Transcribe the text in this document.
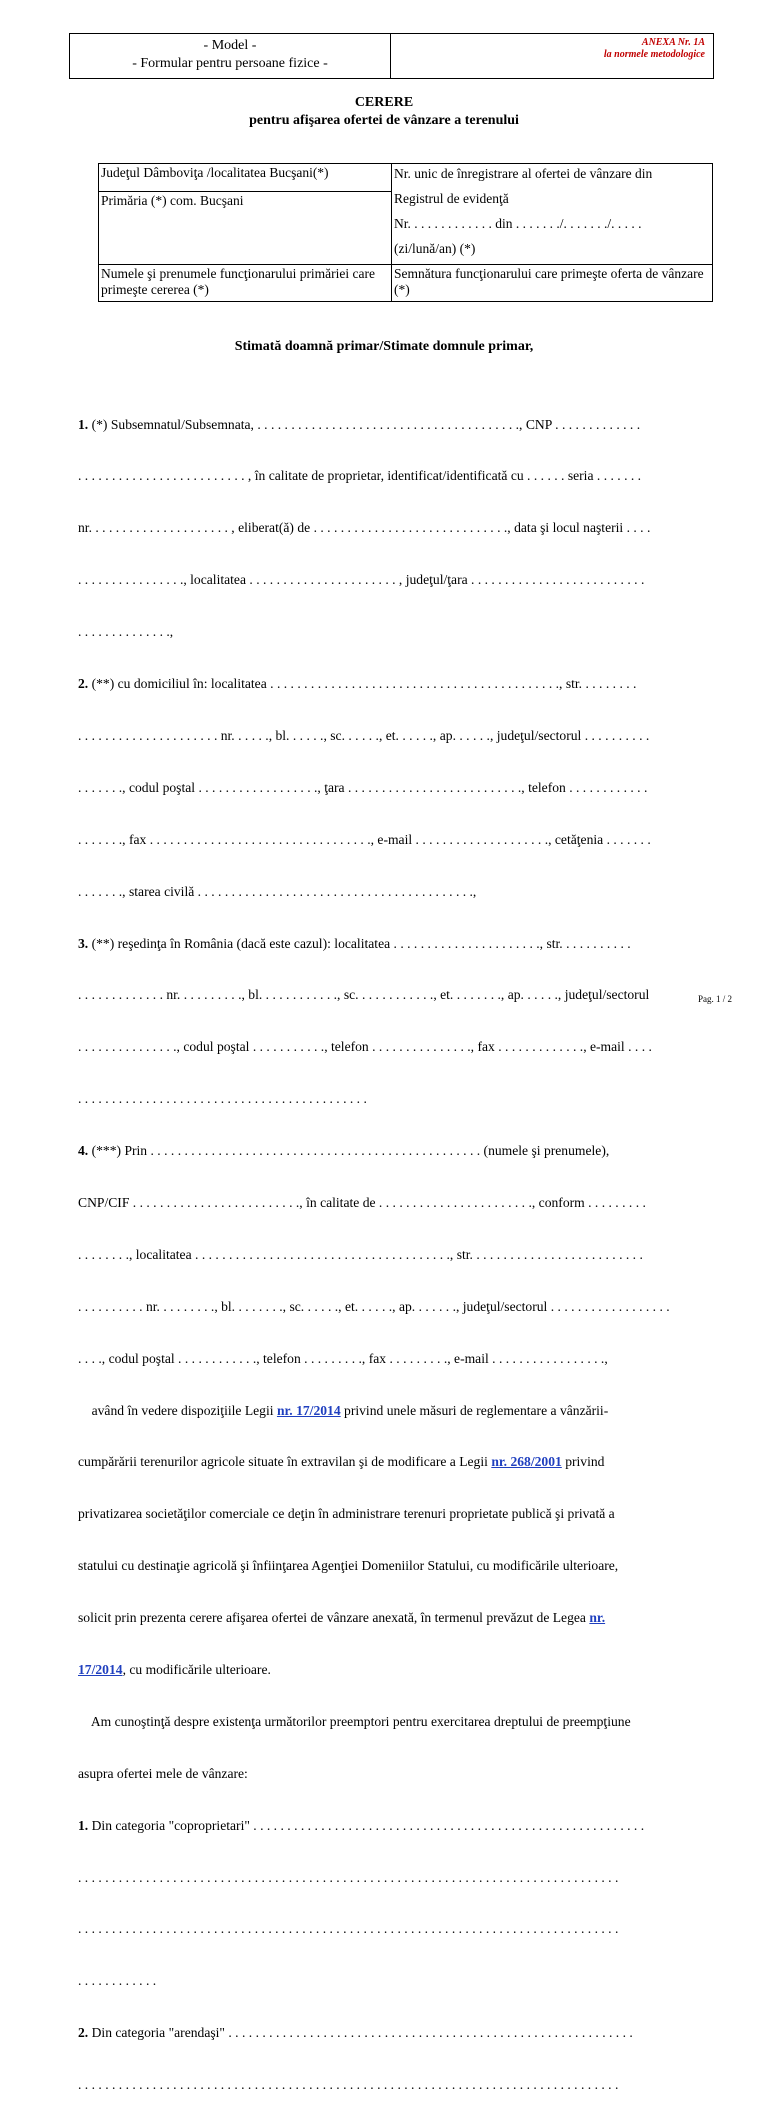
- Model -
- Formular pentru persoane fizice -
ANEXA Nr. 1A
la normele metodologice
CERERE
pentru afişarea ofertei de vânzare a terenului
Judeţul Dâmboviţa /localitatea Bucşani(*)
Primăria (*) com. Bucşani
Numele şi prenumele funcţionarului primăriei care primeşte cererea (*)

Nr. unic de înregistrare al ofertei de vânzare din

Registrul de evidenţă

Nr. . . . . . . . . . . . . din . . . . . . ./. . . . . . ./. . . . .

(zi/lună/an) (*)

Semnătura funcţionarului care primeşte oferta de vânzare (*)
Stimată doamnă primar/Stimate domnule primar,

1. (*) Subsemnatul/Subsemnata, . . . . . . . . . . . . . . . . . . . . . . . . . . . . . . . . . . . . . . ., CNP . . . . . . . . . . . . .

. . . . . . . . . . . . . . . . . . . . . . . . . , în calitate de proprietar, identificat/identificată cu . . . . . . seria . . . . . . .

nr. . . . . . . . . . . . . . . . . . . . . , eliberat(ă) de . . . . . . . . . . . . . . . . . . . . . . . . . . . . ., data şi locul naşterii . . . .

. . . . . . . . . . . . . . . ., localitatea . . . . . . . . . . . . . . . . . . . . . . , judeţul/ţara . . . . . . . . . . . . . . . . . . . . . . . . . .

. . . . . . . . . . . . . .,

2. (**) cu domiciliul în: localitatea . . . . . . . . . . . . . . . . . . . . . . . . . . . . . . . . . . . . . . . . . . ., str. . . . . . . . .

. . . . . . . . . . . . . . . . . . . . . nr. . . . . ., bl. . . . . ., sc. . . . . ., et. . . . . ., ap. . . . . ., judeţul/sectorul . . . . . . . . . .

. . . . . . ., codul poştal . . . . . . . . . . . . . . . . . ., ţara . . . . . . . . . . . . . . . . . . . . . . . . . ., telefon . . . . . . . . . . . .

. . . . . . ., fax . . . . . . . . . . . . . . . . . . . . . . . . . . . . . . . . ., e-mail . . . . . . . . . . . . . . . . . . . ., cetăţenia . . . . . . .

. . . . . . ., starea civilă . . . . . . . . . . . . . . . . . . . . . . . . . . . . . . . . . . . . . . . . .,

3. (**) reşedinţa în România (dacă este cazul): localitatea . . . . . . . . . . . . . . . . . . . . . ., str. . . . . . . . . . .

. . . . . . . . . . . . . nr. . . . . . . . . ., bl. . . . . . . . . . . ., sc. . . . . . . . . . . ., et. . . . . . . ., ap. . . . . ., judeţul/sectorul

. . . . . . . . . . . . . . ., codul poştal . . . . . . . . . . ., telefon . . . . . . . . . . . . . . ., fax . . . . . . . . . . . . ., e-mail . . . .

. . . . . . . . . . . . . . . . . . . . . . . . . . . . . . . . . . . . . . . . . . .

4. (***) Prin . . . . . . . . . . . . . . . . . . . . . . . . . . . . . . . . . . . . . . . . . . . . . . . . . (numele şi prenumele),

CNP/CIF . . . . . . . . . . . . . . . . . . . . . . . . ., în calitate de . . . . . . . . . . . . . . . . . . . . . . ., conform . . . . . . . . .

. . . . . . . ., localitatea . . . . . . . . . . . . . . . . . . . . . . . . . . . . . . . . . . . . . ., str. . . . . . . . . . . . . . . . . . . . . . . . . .

. . . . . . . . . . nr. . . . . . . . ., bl. . . . . . . ., sc. . . . . ., et. . . . . ., ap. . . . . . ., judeţul/sectorul . . . . . . . . . . . . . . . . . .

. . . ., codul poştal . . . . . . . . . . . ., telefon . . . . . . . . ., fax . . . . . . . . ., e-mail . . . . . . . . . . . . . . . . .,

având în vedere dispoziţiile Legii nr. 17/2014 privind unele măsuri de reglementare a vânzării-

cumpărării terenurilor agricole situate în extravilan şi de modificare a Legii nr. 268/2001 privind

privatizarea societăţilor comerciale ce deţin în administrare terenuri proprietate publică şi privată a

statului cu destinaţie agricolă şi înfiinţarea Agenţiei Domeniilor Statului, cu modificările ulterioare,

solicit prin prezenta cerere afişarea ofertei de vânzare anexată, în termenul prevăzut de Legea nr.

17/2014, cu modificările ulterioare.

Am cunoştinţă despre existenţa următorilor preemptori pentru exercitarea dreptului de preempţiune

asupra ofertei mele de vânzare:

1. Din categoria "coproprietari" . . . . . . . . . . . . . . . . . . . . . . . . . . . . . . . . . . . . . . . . . . . . . . . . . . . . . . . . . .

. . . . . . . . . . . . . . . . . . . . . . . . . . . . . . . . . . . . . . . . . . . . . . . . . . . . . . . . . . . . . . . . . . . . . . . . . . . . . . . .

. . . . . . . . . . . . . . . . . . . . . . . . . . . . . . . . . . . . . . . . . . . . . . . . . . . . . . . . . . . . . . . . . . . . . . . . . . . . . . . .

. . . . . . . . . . . .

2. Din categoria "arendaşi" . . . . . . . . . . . . . . . . . . . . . . . . . . . . . . . . . . . . . . . . . . . . . . . . . . . . . . . . . . . .

. . . . . . . . . . . . . . . . . . . . . . . . . . . . . . . . . . . . . . . . . . . . . . . . . . . . . . . . . . . . . . . . . . . . . . . . . . . . . . . .

Pag. 1 / 2
